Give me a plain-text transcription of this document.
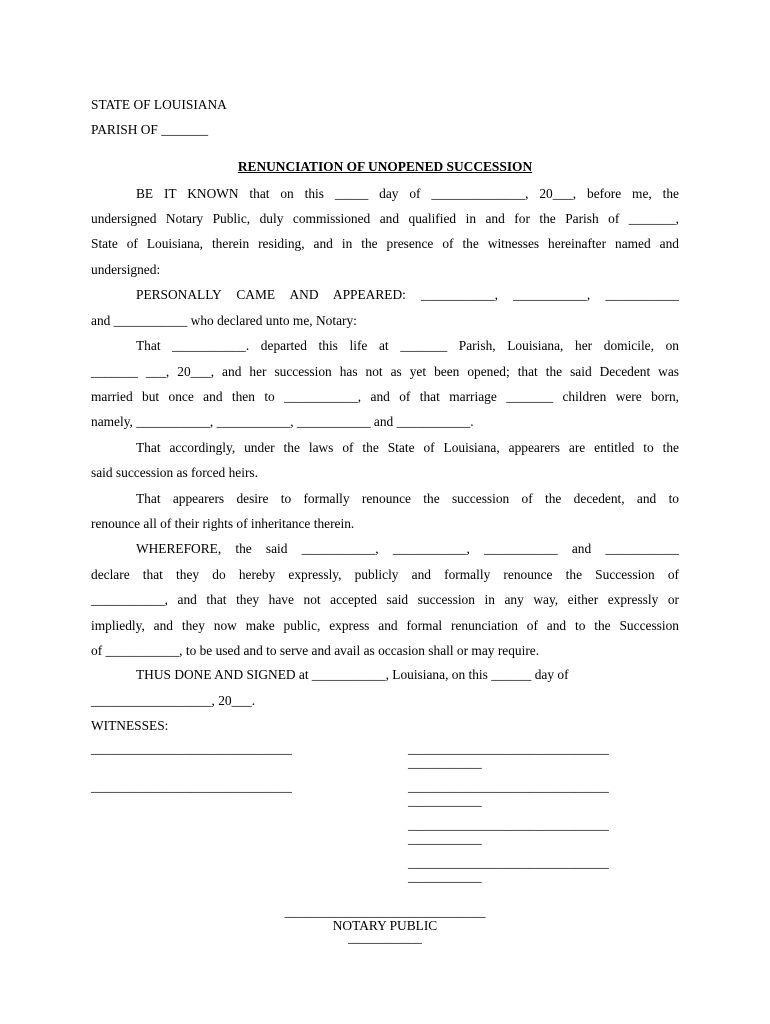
STATE OF LOUISIANA
PARISH OF _______
RENUNCIATION OF UNOPENED SUCCESSION
BE IT KNOWN that on this _____ day of ______________, 20___, before me, the
undersigned Notary Public, duly commissioned and qualified in and for the Parish of _______,
State of Louisiana, therein residing, and in the presence of the witnesses hereinafter named and
undersigned:
PERSONALLY CAME AND APPEARED: ___________, ___________, ___________
and ___________ who declared unto me, Notary:
That ___________. departed this life at _______ Parish, Louisiana, her domicile, on
_______ ___, 20___, and her succession has not as yet been opened; that the said Decedent was
married but once and then to ___________, and of that marriage _______ children were born,
namely, ___________, ___________, ___________ and ___________.
That accordingly, under the laws of the State of Louisiana, appearers are entitled to the
said succession as forced heirs.
That appearers desire to formally renounce the succession of the decedent, and to
renounce all of their rights of inheritance therein.
WHEREFORE, the said ___________, ___________, ___________ and ___________
declare that they do hereby expressly, publicly and formally renounce the Succession of
___________, and that they have not accepted said succession in any way, either expressly or
impliedly, and they now make public, express and formal renunciation of and to the Succession
of ___________, to be used and to serve and avail as occasion shall or may require.
THUS DONE AND SIGNED at ___________, Louisiana, on this ______ day of
__________________, 20___.
WITNESSES:
______________________________
______________________________
______________________________
___________
______________________________
___________
______________________________
___________
______________________________
___________
______________________________
NOTARY PUBLIC
___________
